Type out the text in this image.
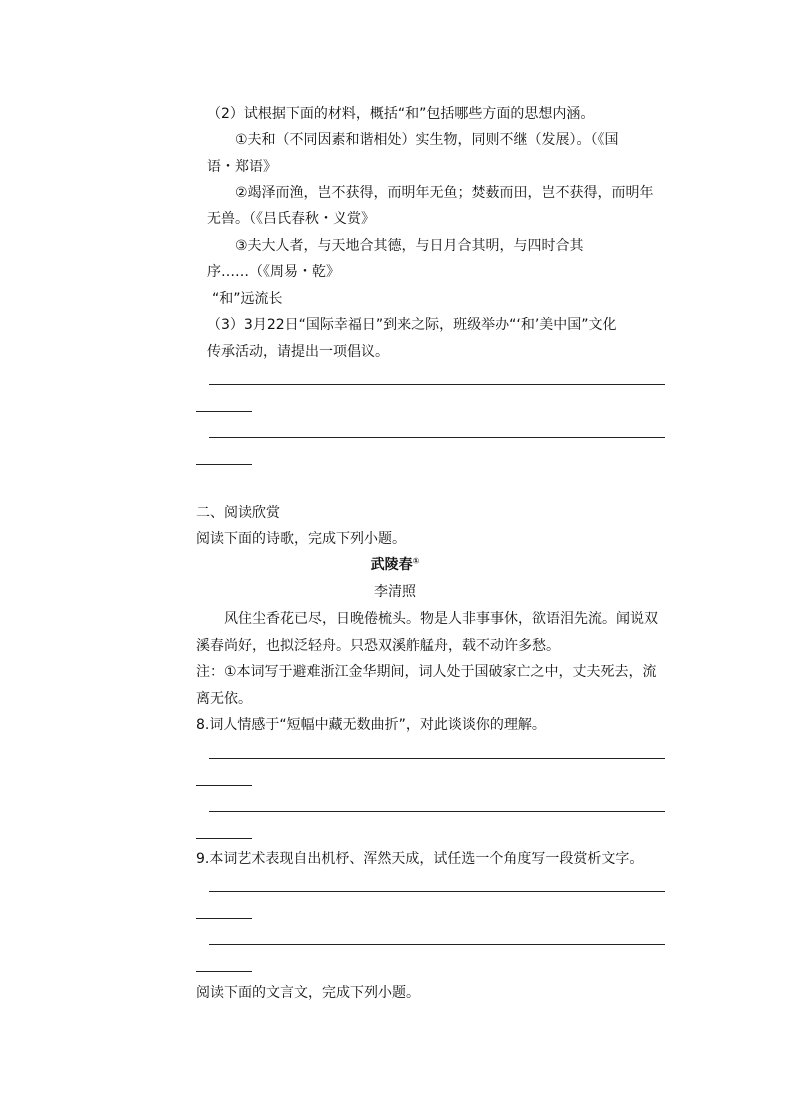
（2）试根据下面的材料，概括“和”包括哪些方面的思想内涵。
①夫和（不同因素和谐相处）实生物，同则不继（发展）。（《国
语・郑语》
②竭泽而渔，岂不获得，而明年无鱼；焚薮而田，岂不获得，而明年
无兽。（《吕氏春秋・义赏》
③夫大人者，与天地合其德，与日月合其明，与四时合其
序……（《周易・乾》
“和”远流长
（3）3月22日“国际幸福日”到来之际，班级举办“‘和’美中国”文化
传承活动，请提出一项倡议。
二、阅读欣赏
阅读下面的诗歌，完成下列小题。
武陵春①
李清照
风住尘香花已尽，日晚倦梳头。物是人非事事休，欲语泪先流。闻说双
溪春尚好，也拟泛轻舟。只恐双溪舴艋舟，载不动许多愁。
注：①本词写于避难浙江金华期间，词人处于国破家亡之中，丈夫死去，流
离无依。
8.词人情感于“短幅中藏无数曲折”，对此谈谈你的理解。
9.本词艺术表现自出机杼、浑然天成，试任选一个角度写一段赏析文字。
阅读下面的文言文，完成下列小题。
